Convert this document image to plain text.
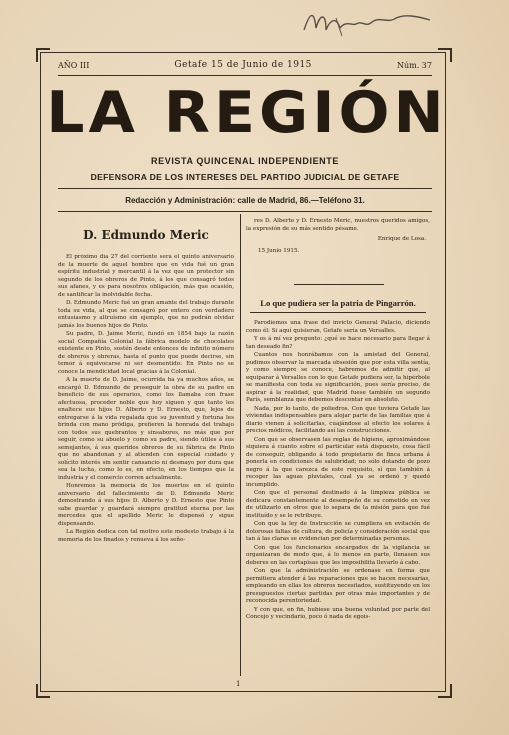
AÑO III	Getafe 15 de Junio de 1915	Núm. 37
LA REGIÓN
REVISTA QUINCENAL INDEPENDIENTE
DEFENSORA DE LOS INTERESES DEL PARTIDO JUDICIAL DE GETAFE
Redacción y Administración: calle de Madrid, 86.—Teléfono 31.
D. Edmundo Meric

El próximo día 27 del corriente será el quinto aniversario de la muerte de aquel hombre que en vida fué un gran espíritu industrial y mercantil á la vez que un protector sin segundo de los obreros de Pinto, á los que consagró todos sus afanes, y es para nosotros obligación, más que ocasión, de santificar la inolvidable fecha.

D. Edmundo Meric fué un gran amante del trabajo durante toda su vida, al que se consagró por entero con verdadero entusiasmo y altruísmo sin ejemplo, que no podrán olvidar jamás los buenos hijos de Pinto.

Su padre, D. Jaime Meric, fundó en 1854 bajo la razón social Compañía Colonial la fábrica modelo de chocolates existente en Pinto, sostén desde entonces de infinito número de obreros y obreras, hasta el punto que puede decirse, sin temor á equivocarse ni ser desmentido: En Pinto no se conoce la mendicidad local gracias á la Colonial.

A la muerte de D. Jaime, ocurrida ha ya muchos años, se encargó D. Edmundo de proseguir la obra de su padre en beneficio de sus operarios, como los llamaba con frase afectuosa, proceder noble que hoy siguen y que tanto les enaltece sus hijos D. Alberto y D. Ernesto, que, lejos de entregarse á la vida regalada que su juventud y fortuna les brinda con mano pródiga, prefieren la honrada del trabajo con todos sus quebrantos y sinsabores, no más que por seguir, como su abuelo y como su padre, siendo útiles á sus semejantes, á sus queridos obreros de su fábrica de Pinto que no abandonan y al atienden con especial cuidado y solícito interés sin sentir cansancio ni desmayo por dura que sea la lucha, como lo es, en efecto, en los tiempos que la industria y el comercio corren actualmente.

Honremos la memoria de los muertos en el quinto aniversario del fallecimiento de D. Edmundo Meric demostrando á sus hijos D. Alberto y D. Ernesto que Pinto sabe guardar y guardará siempre gratitud eterna por las mercedes que el apellido Meric le dispensó y sigue dispensando.

La Región dedica con tal motivo este modesto trabajo á la memoria de los finados y renueva á los seño-

res D. Alberto y D. Ernesto Meric, nuestros queridos amigos, la expresión de su más sentido pésame.

Enrique de Losa.
15 Junio 1915.
Lo que pudiera ser la patria de Pingarrón.

Parodiemos una frase del invicto General Palacio, diciendo como él: Si aquí quisieran, Getafe sería un Versalles.

Y os á mí vez pregunto: ¿qué se hace necesario para llegar á tan deseado fin?

Cuantos nos honrábamos con la amistad del General, pudimos observar la marcada obsesión que por esta villa sentía, y como siempre se conoce, habremos de admitir que, al equiparar á Versalles con lo que Getafe pudiera ser, la hipérbole se manifiesta con toda su significación, pues sería preciso, de aspirar á la realidad, que Madrid fuese también un segundo París, semblanza que debemos descontar en absoluto.

Nada, por lo tanto, de poliedros. Con que tuviera Getafe las viviendas indispensables para alojar parte de las familias que á diario vienen á solicitarlas, cuajándose al efecto los solares á precios módicos, facilitando así las construcciones.

Con que se observasen las reglas de higiene, aproximándose siquiera á cuanto sobre el particular está dispuesto, cosa fácil de conseguir, obligando á todo propietario de finca urbana á ponerla en condiciones de salubridad; no sólo dotando de pozo negro á la que carezca de este requisito, sí que también á recoger las aguas pluviales, cual ya se ordenó y quedó incumplido.

Con que el personal destinado á la limpieza pública se dedicara constantemente al desempeño de su cometido en vez de utilizarlo en otros que lo separa de la misión para que fué instituído y se le retribuye.

Con que la ley de Instrucción se cumpliera en evitación de dolorosas faltas de cultura, de policía y consideración social que tan á las claras se evidencian por determinadas personas.

Con que los funcionarios encargados de la vigilancia se organizaran de modo que, á lo menos en parte, llenasen sus deberes en las cortapisas que les imposibilita llevarlo á cabo.

Con que la administración se ordenase en forma que permitiera atender á las reparaciones que se hacen necesarias, empleando en ellas los obreros necesitados, sustituyendo en los presupuestos ciertas partidas por otras más importantes y de reconocida perentoriedad.

Y con que, en fin, hubiese una buena voluntad por parte del Concejo y vecindario, poco ó nada de egois-

1
